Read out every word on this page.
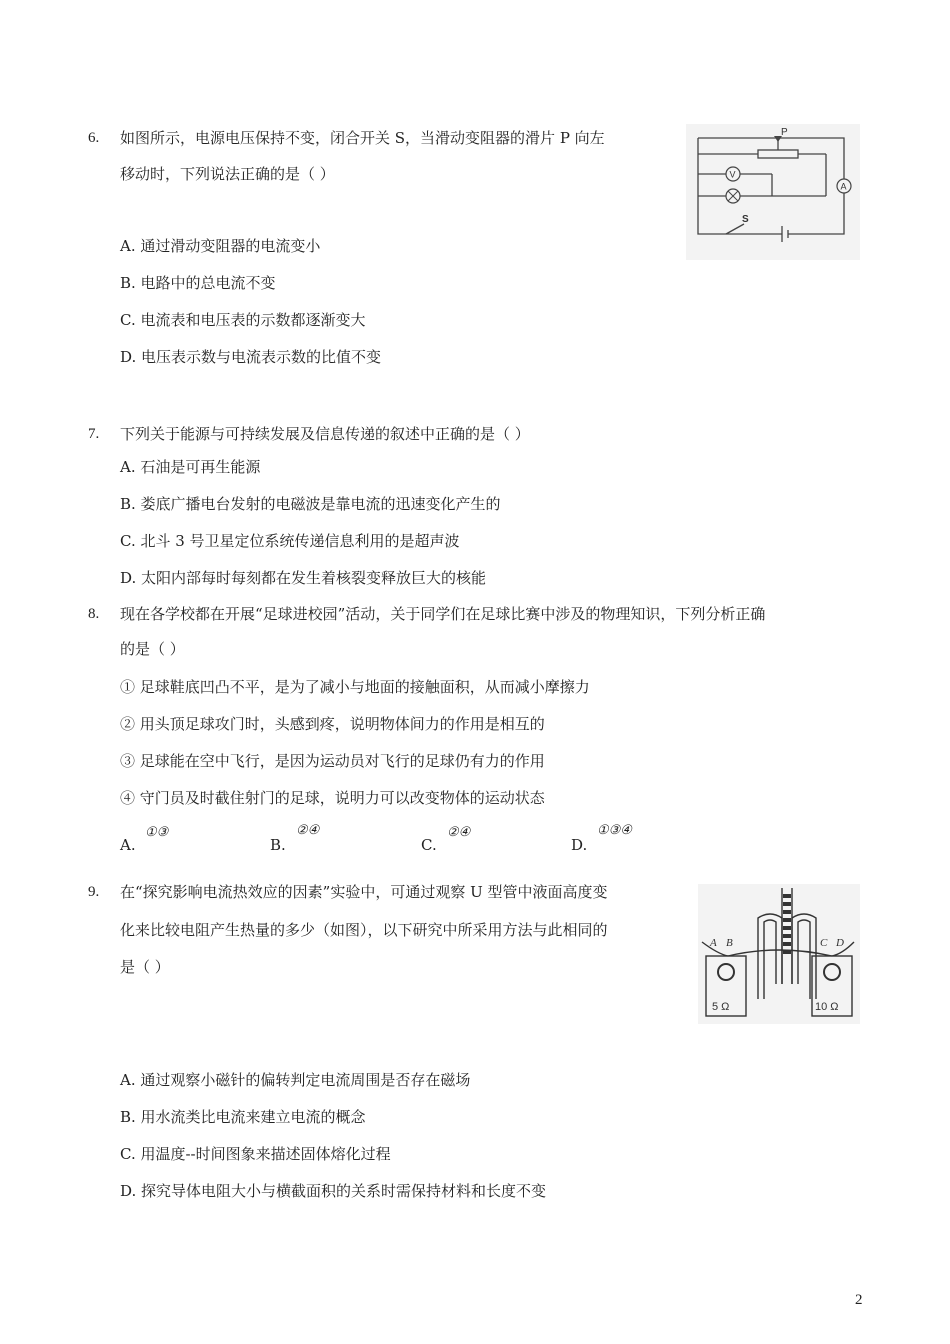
6. 如图所示，电源电压保持不变，闭合开关 S，当滑动变阻器的滑片 P 向左
移动时，下列说法正确的是（ ）
A. 通过滑动变阻器的电流变小
B. 电路中的总电流不变
C. 电流表和电压表的示数都逐渐变大
D. 电压表示数与电流表示数的比值不变
P
V
A
S
7. 下列关于能源与可持续发展及信息传递的叙述中正确的是（ ）
A. 石油是可再生能源
B. 娄底广播电台发射的电磁波是靠电流的迅速变化产生的
C. 北斗 3 号卫星定位系统传递信息利用的是超声波
D. 太阳内部每时每刻都在发生着核裂变释放巨大的核能
8. 现在各学校都在开展“足球进校园”活动，关于同学们在足球比赛中涉及的物理知识，下列分析正确
的是（ ）
① 足球鞋底凹凸不平，是为了减小与地面的接触面积，从而减小摩擦力
② 用头顶足球攻门时，头感到疼，说明物体间力的作用是相互的
③ 足球能在空中飞行，是因为运动员对飞行的足球仍有力的作用
④ 守门员及时截住射门的足球，说明力可以改变物体的运动状态
A.
①③
B.
②④
C.
②④
D.
①③④
9. 在“探究影响电流热效应的因素”实验中，可通过观察 U 型管中液面高度变
化来比较电阻产生热量的多少（如图），以下研究中所采用方法与此相同的
是（ ）
A. 通过观察小磁针的偏转判定电流周围是否存在磁场
B. 用水流类比电流来建立电流的概念
C. 用温度--时间图象来描述固体熔化过程
D. 探究导体电阻大小与横截面积的关系时需保持材料和长度不变
A B	C D
5 Ω	10 Ω
2
